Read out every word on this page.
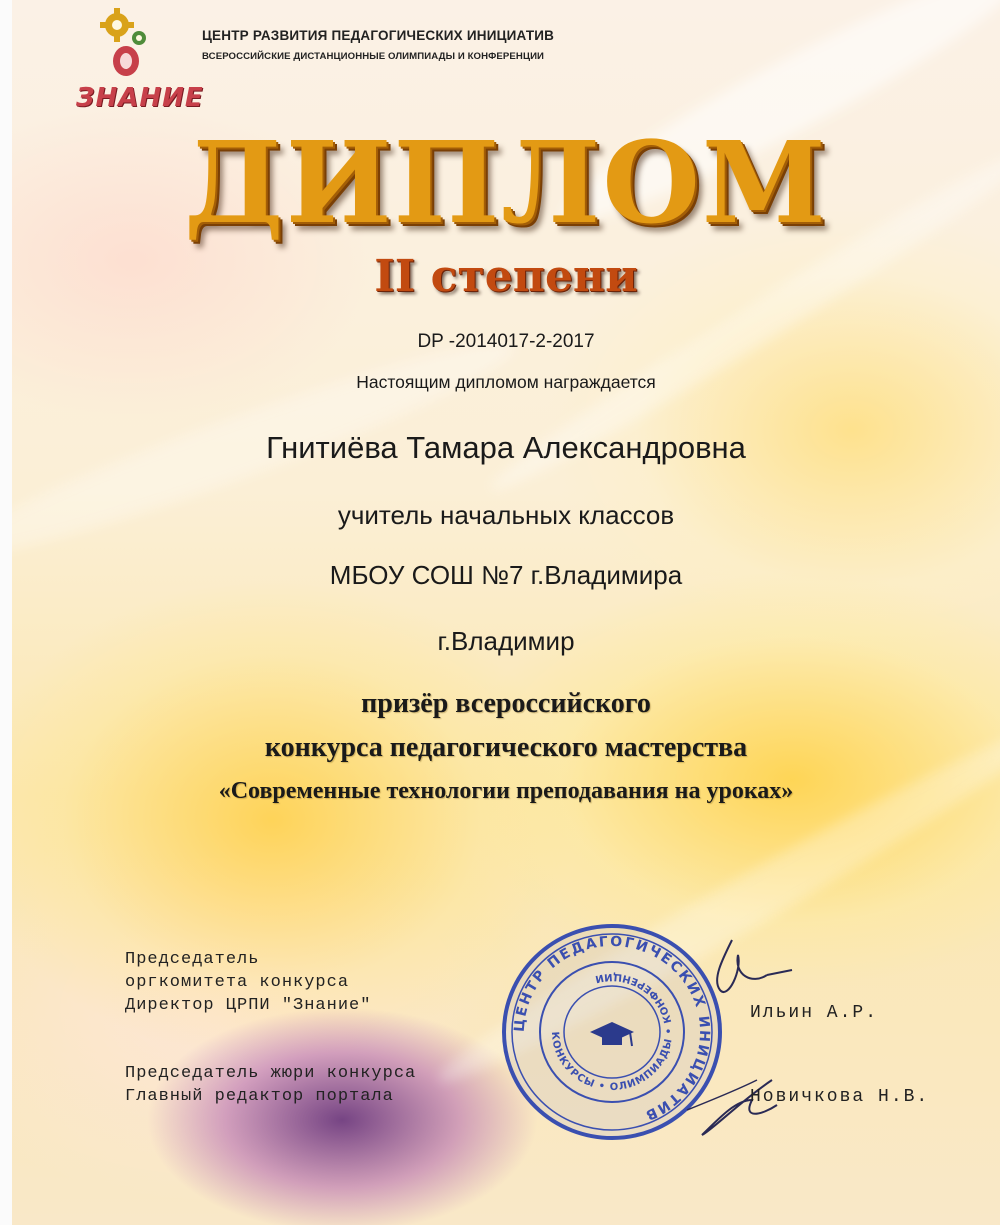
ЗНАНИЕ
ЦЕНТР РАЗВИТИЯ ПЕДАГОГИЧЕСКИХ ИНИЦИАТИВ
ВСЕРОССИЙСКИЕ ДИСТАНЦИОННЫЕ ОЛИМПИАДЫ И КОНФЕРЕНЦИИ
ДИПЛОМ
II степени
DP -2014017-2-2017
Настоящим дипломом награждается
Гнитиёва Тамара Александровна
учитель начальных классов
МБОУ СОШ №7 г.Владимира
г.Владимир
призёр всероссийского
конкурса педагогического мастерства
«Современные технологии преподавания на уроках»
Председатель
оргкомитета конкурса
Директор ЦРПИ "Знание"
Председатель жюри конкурса
Главный редактор портала
ЦЕНТР ПЕДАГОГИЧЕСКИХ ИНИЦИАТИВ
КОНКУРСЫ • ОЛИМПИАДЫ • КОНФЕРЕНЦИИ
Ильин А.Р.
Новичкова Н.В.
